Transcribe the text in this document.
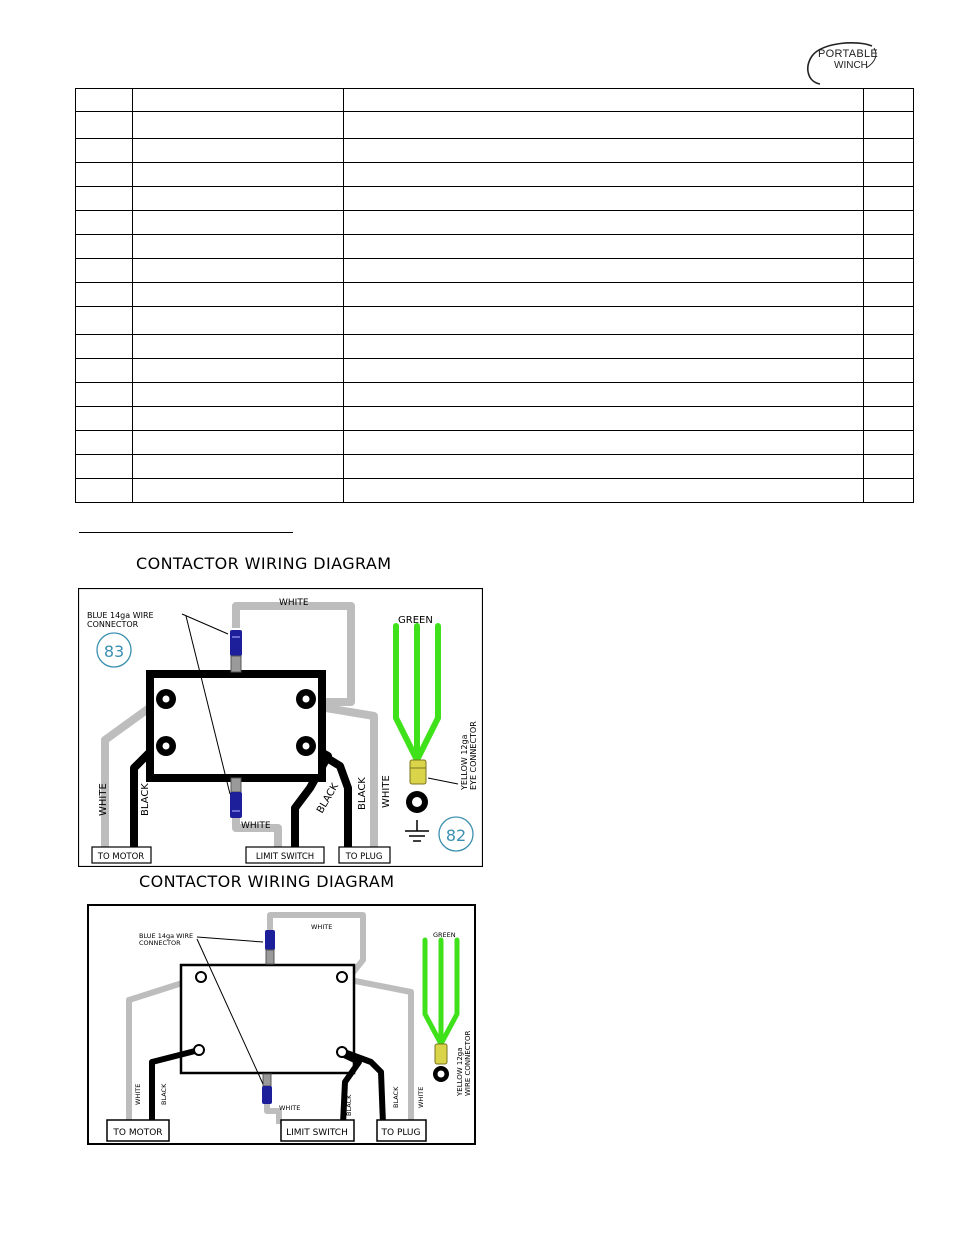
PORTABLE
WINCH

CONTACTOR WIRING DIAGRAM
83
82
BLUE 14ga WIRE CONNECTOR
WHITE
GREEN
WHITE
WHITE	BLACK	BLACK BLACK WHITE
YELLOW 12gaEYE CONNECTOR
TO MOTOR	LIMIT SWITCH	TO PLUG
CONTACTOR WIRING DIAGRAM
BLUE 14ga WIRE CONNECTOR
WHITE
GREEN
WHITE
WHITE	BLACK
BLACK	BLACK	WHITE
YELLOW 12gaWIRE CONNECTOR
TO MOTOR	LIMIT SWITCH	TO PLUG
